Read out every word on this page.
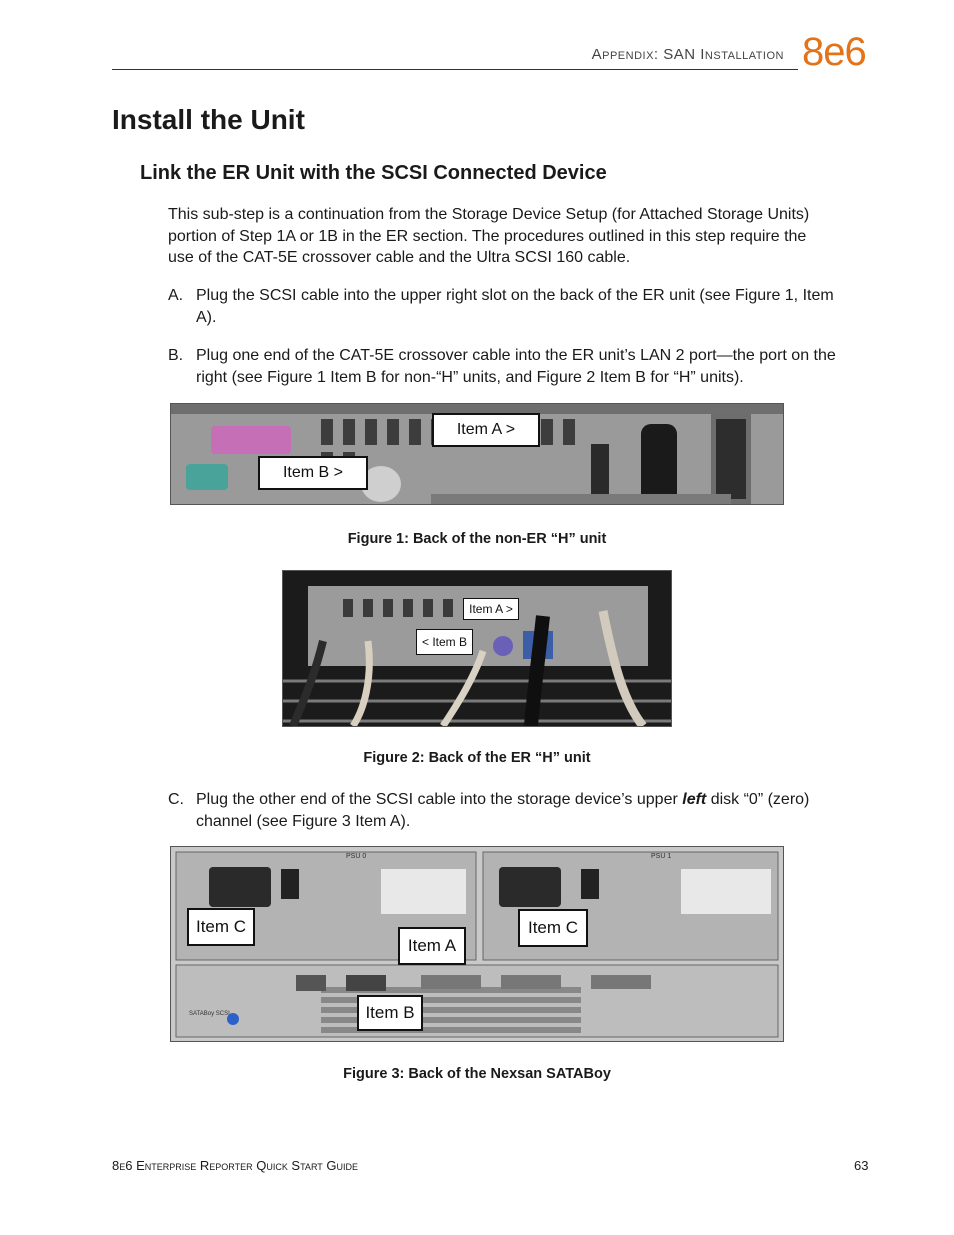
Appendix: SAN Installation 8e6
Install the Unit
Link the ER Unit with the SCSI Connected Device
This sub-step is a continuation from the Storage Device Setup (for Attached Storage Units) portion of Step 1A or 1B in the ER section. The procedures outlined in this step require the use of the CAT-5E crossover cable and the Ultra SCSI 160 cable.
A. Plug the SCSI cable into the upper right slot on the back of the ER unit (see Figure 1, Item A).
B. Plug one end of the CAT-5E crossover cable into the ER unit’s LAN 2 port—the port on the right (see Figure 1 Item B for non-“H” units, and Figure 2 Item B for “H” units).
Item A >
Item B >
Figure 1: Back of the non-ER “H” unit
Item A >
< Item B
Figure 2: Back of the ER “H” unit
C. Plug the other end of the SCSI cable into the storage device’s upper left disk “0” (zero) channel (see Figure 3 Item A).
PSU 0	PSU 1
SATABoy SCSI
Item C
Item A
Item C
Item B
Figure 3: Back of the Nexsan SATABoy
8e6 Enterprise Reporter Quick Start Guide	63
